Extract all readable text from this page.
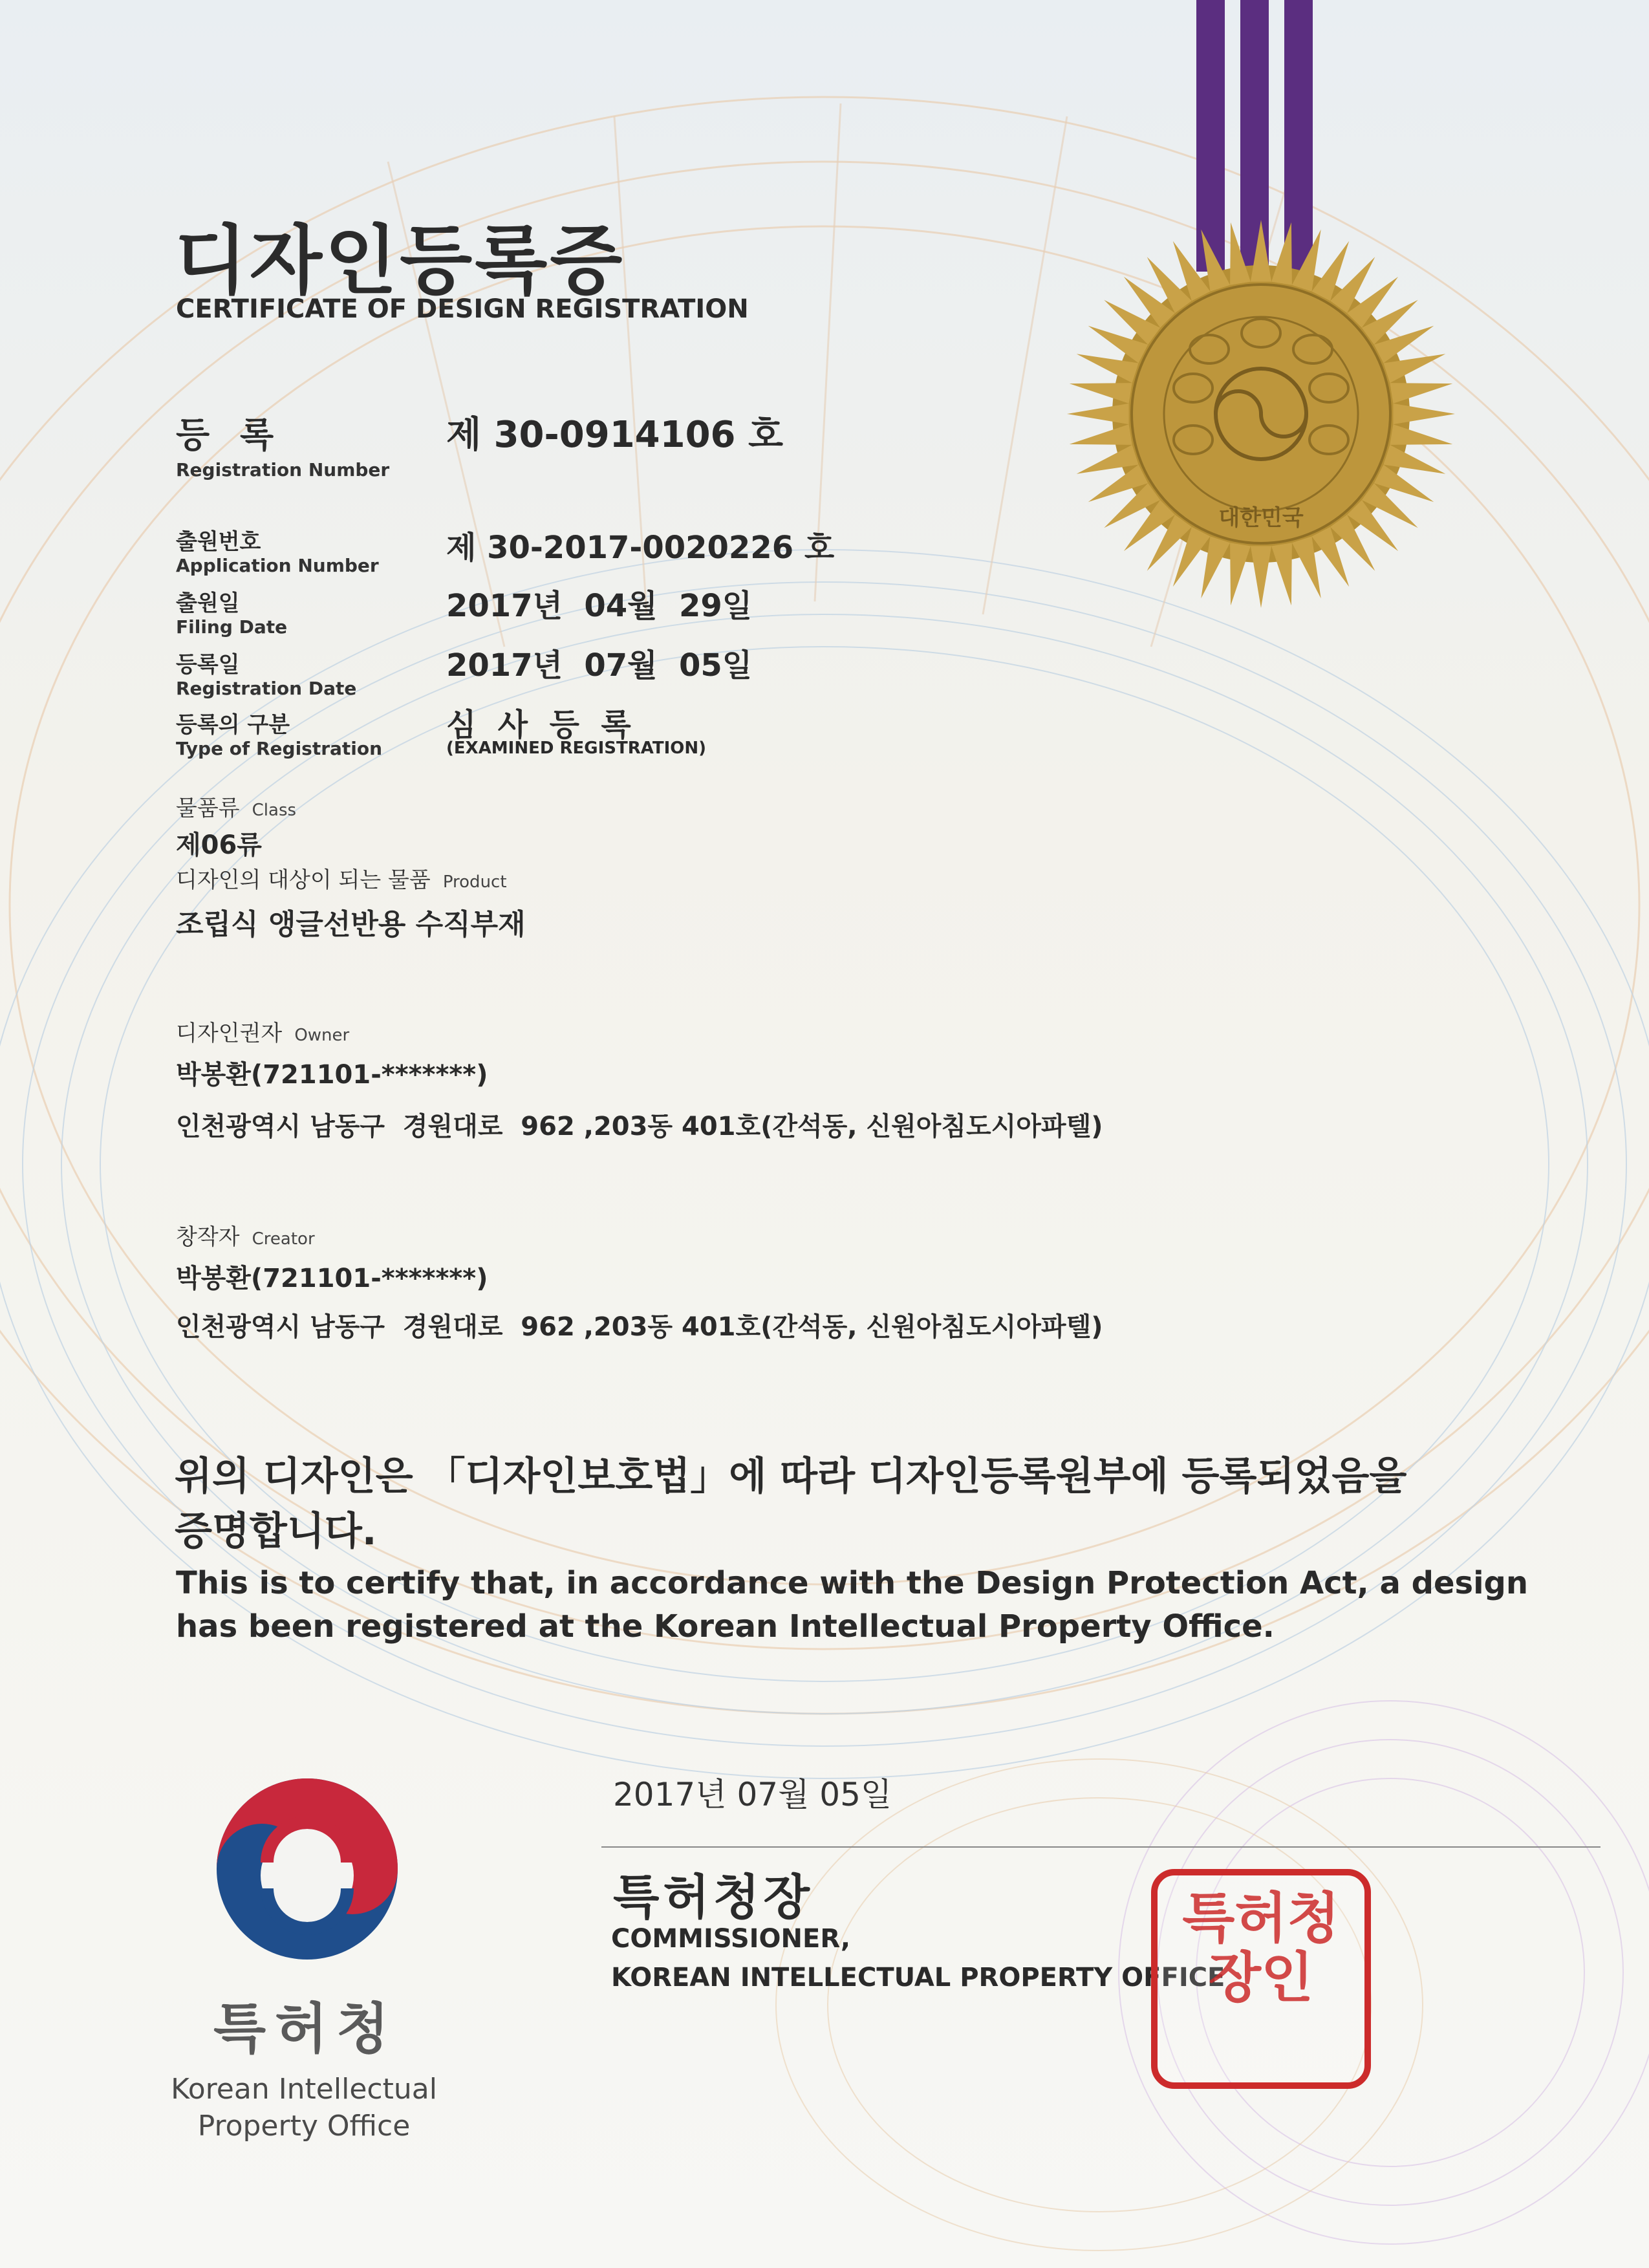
대한민국
디자인등록증
CERTIFICATE OF DESIGN REGISTRATION
등 록
Registration Number
제 30-0914106 호
출원번호
Application Number 제 30-2017-0020226 호
출원일
Filing Date
2017년  04월  29일
등록일
Registration Date
2017년  07월  05일
등록의 구분
Type of Registration
심  사  등  록
(EXAMINED REGISTRATION)
물품류 Class
제06류
디자인의 대상이 되는 물품 Product
조립식 앵글선반용 수직부재
디자인권자 Owner
박봉환(721101-*******)
인천광역시 남동구  경원대로  962 ,203동 401호(간석동, 신원아침도시아파텔)
창작자 Creator
박봉환(721101-*******)
인천광역시 남동구  경원대로  962 ,203동 401호(간석동, 신원아침도시아파텔)
위의 디자인은 「디자인보호법」에 따라 디자인등록원부에 등록되었음을
증명합니다.
This is to certify that, in accordance with the Design Protection Act, a design
has been registered at the Korean Intellectual Property Office.
특허청
Korean Intellectual
Property Office
2017년 07월 05일
특허청장
COMMISSIONER,
KOREAN INTELLECTUAL PROPERTY OFFICE
특허청장인
